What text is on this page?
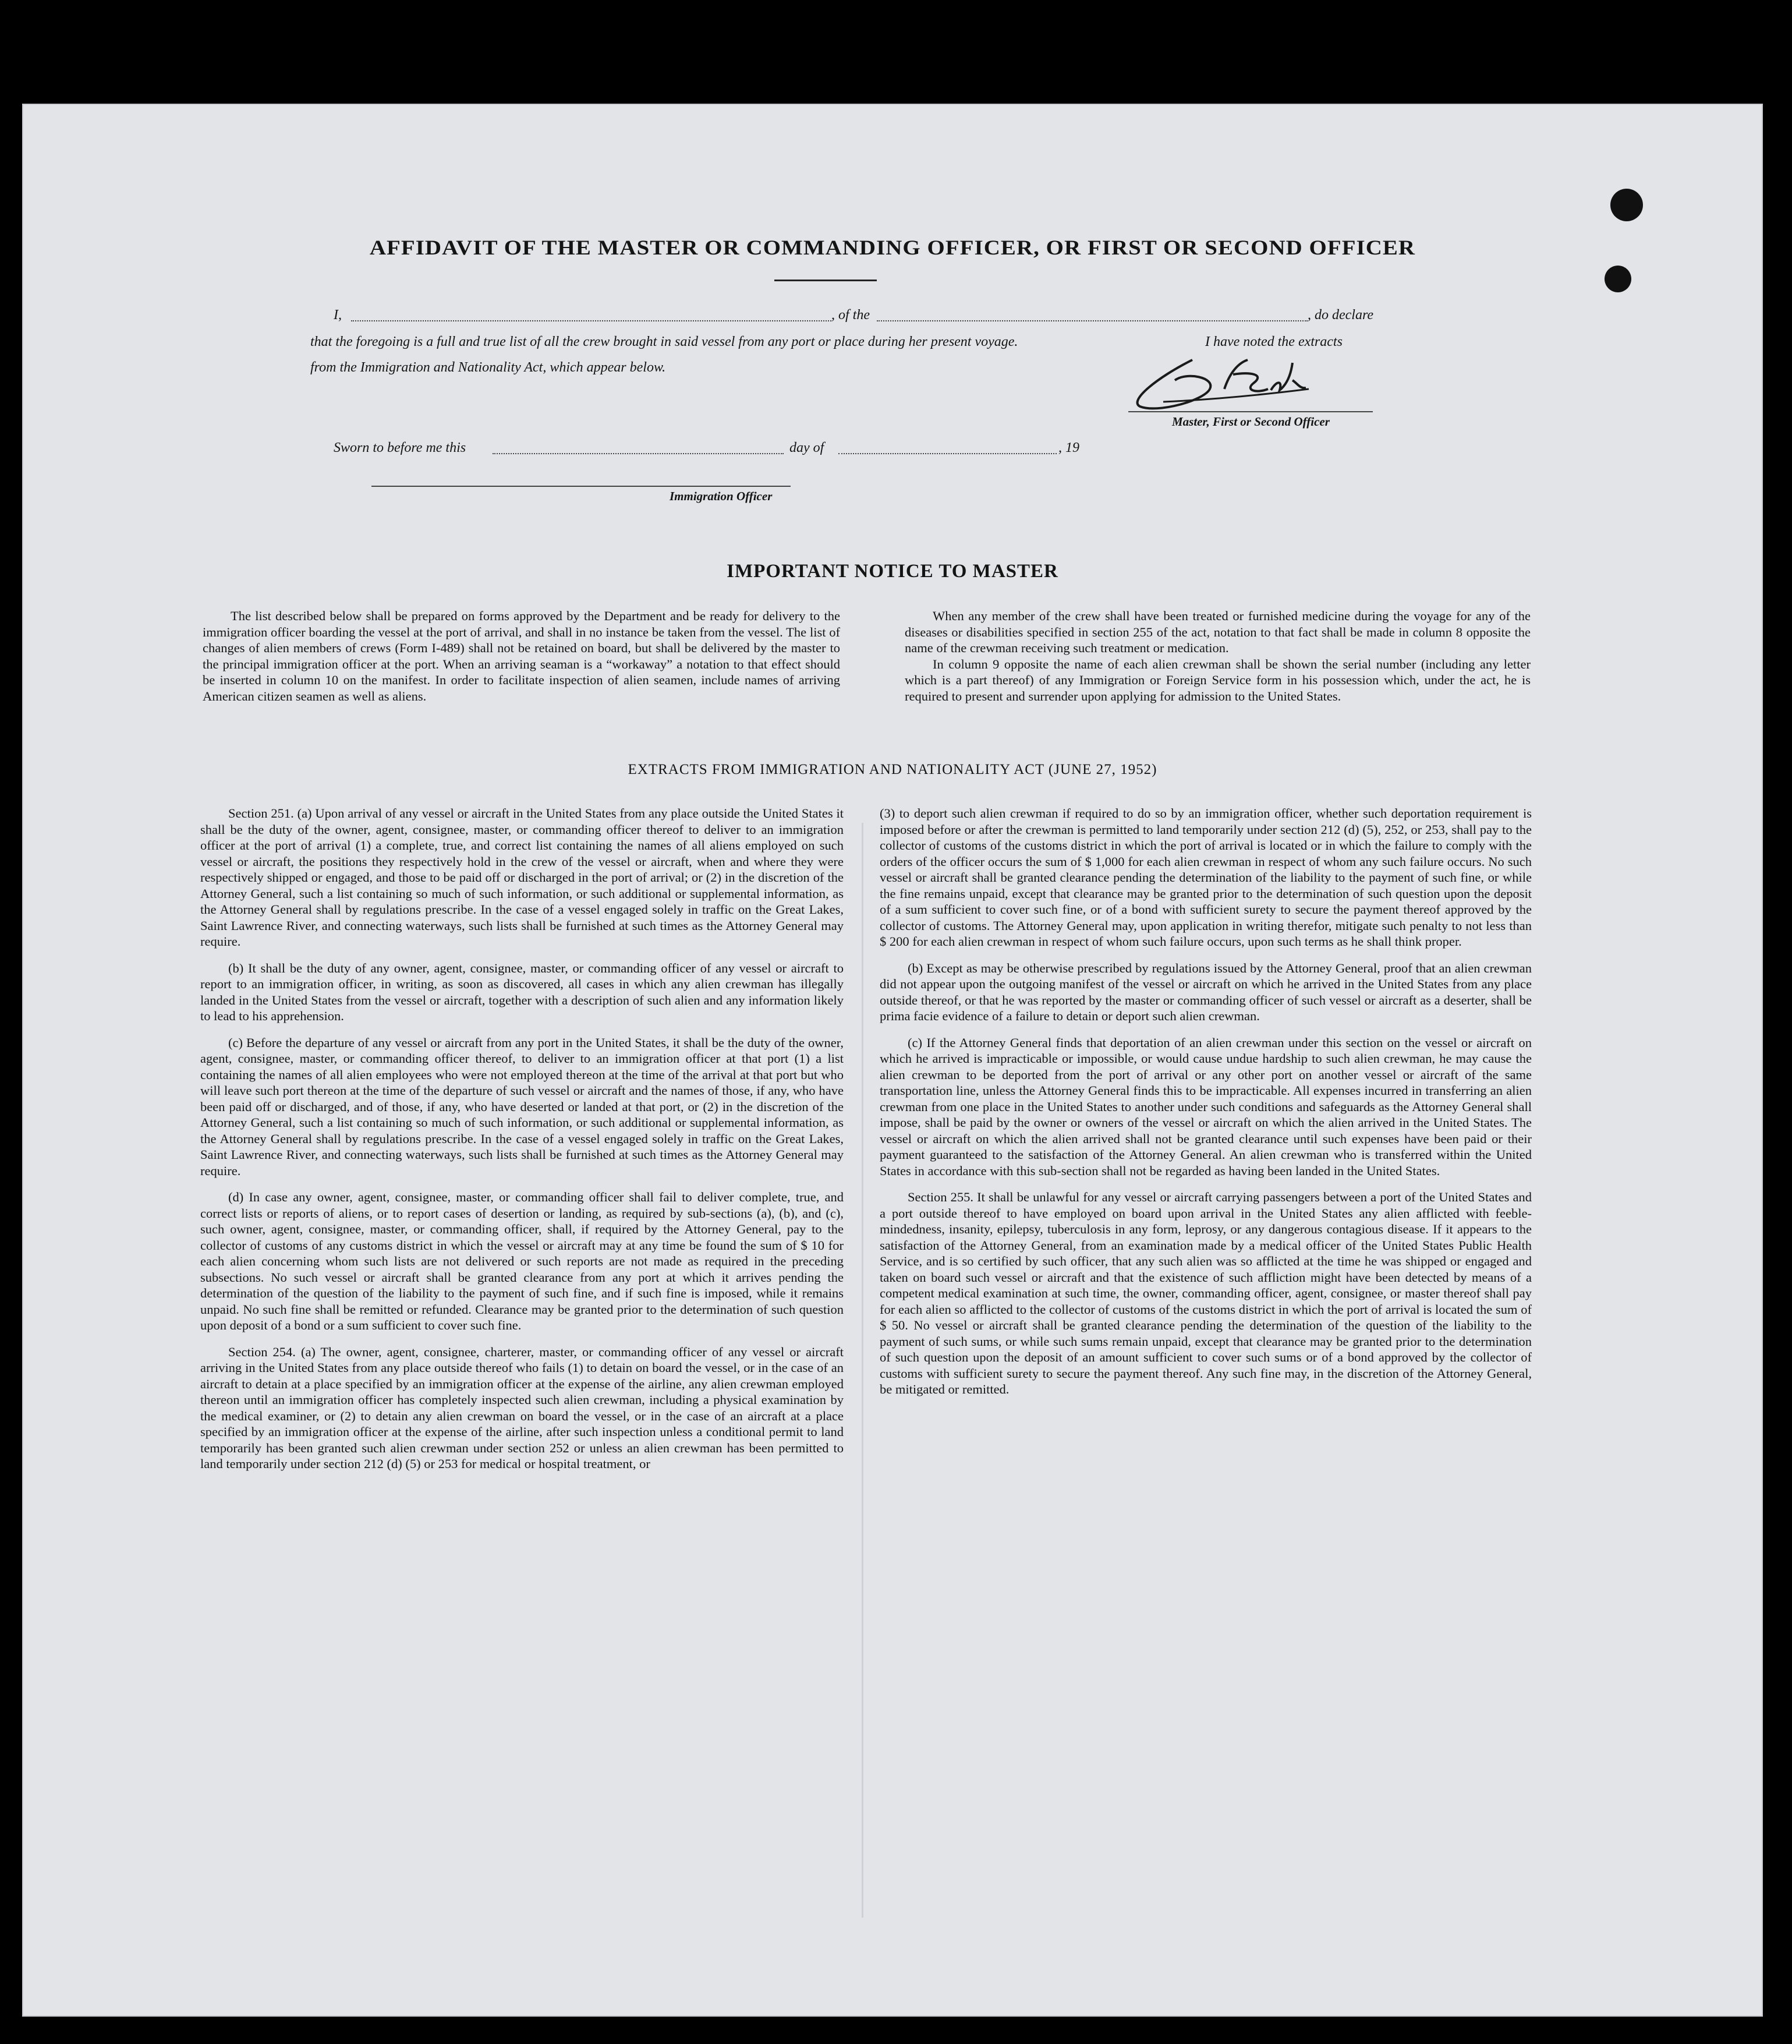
AFFIDAVIT OF THE MASTER OR COMMANDING OFFICER, OR FIRST OR SECOND OFFICER
I,	, of the	, do declare
that the foregoing is a full and true list of all the crew brought in said vessel from any port or place during her present voyage.	I have noted the extracts
from the Immigration and Nationality Act, which appear below.
Master, First or Second Officer
Sworn to before me this	day of	, 19
Immigration Officer
IMPORTANT NOTICE TO MASTER

The list described below shall be prepared on forms approved by the Department and be ready for delivery to the immigration officer boarding the vessel at the port of arrival, and shall in no instance be taken from the vessel. The list of changes of alien members of crews (Form I-489) shall not be retained on board, but shall be delivered by the master to the principal immigration officer at the port. When an arriving seaman is a “workaway” a notation to that effect should be inserted in column 10 on the manifest. In order to facilitate inspection of alien seamen, include names of arriving American citizen seamen as well as aliens.

When any member of the crew shall have been treated or furnished medicine during the voyage for any of the diseases or disabilities specified in section 255 of the act, notation to that fact shall be made in column 8 opposite the name of the crewman receiving such treatment or medication.

In column 9 opposite the name of each alien crewman shall be shown the serial number (including any letter which is a part thereof) of any Immigration or Foreign Service form in his possession which, under the act, he is required to present and surrender upon applying for admission to the United States.

EXTRACTS FROM IMMIGRATION AND NATIONALITY ACT (JUNE 27, 1952)

Section 251. (a) Upon arrival of any vessel or aircraft in the United States from any place outside the United States it shall be the duty of the owner, agent, consignee, master, or commanding officer thereof to deliver to an immigration officer at the port of arrival (1) a complete, true, and correct list containing the names of all aliens employed on such vessel or aircraft, the positions they respectively hold in the crew of the vessel or aircraft, when and where they were respectively shipped or engaged, and those to be paid off or discharged in the port of arrival; or (2) in the discretion of the Attorney General, such a list containing so much of such information, or such additional or supplemental information, as the Attorney General shall by regulations prescribe. In the case of a vessel engaged solely in traffic on the Great Lakes, Saint Lawrence River, and connecting waterways, such lists shall be furnished at such times as the Attorney General may require.

(b) It shall be the duty of any owner, agent, consignee, master, or commanding officer of any vessel or aircraft to report to an immigration officer, in writing, as soon as discovered, all cases in which any alien crewman has illegally landed in the United States from the vessel or aircraft, together with a description of such alien and any information likely to lead to his apprehension.

(c) Before the departure of any vessel or aircraft from any port in the United States, it shall be the duty of the owner, agent, consignee, master, or commanding officer thereof, to deliver to an immigration officer at that port (1) a list containing the names of all alien employees who were not employed thereon at the time of the arrival at that port but who will leave such port thereon at the time of the departure of such vessel or aircraft and the names of those, if any, who have been paid off or discharged, and of those, if any, who have deserted or landed at that port, or (2) in the discretion of the Attorney General, such a list containing so much of such information, or such additional or supplemental information, as the Attorney General shall by regulations prescribe. In the case of a vessel engaged solely in traffic on the Great Lakes, Saint Lawrence River, and connecting waterways, such lists shall be furnished at such times as the Attorney General may require.

(d) In case any owner, agent, consignee, master, or commanding officer shall fail to deliver complete, true, and correct lists or reports of aliens, or to report cases of desertion or landing, as required by sub-sections (a), (b), and (c), such owner, agent, consignee, master, or commanding officer, shall, if required by the Attorney General, pay to the collector of customs of any customs district in which the vessel or aircraft may at any time be found the sum of $ 10 for each alien concerning whom such lists are not delivered or such reports are not made as required in the preceding subsections. No such vessel or aircraft shall be granted clearance from any port at which it arrives pending the determination of the question of the liability to the payment of such fine, and if such fine is imposed, while it remains unpaid. No such fine shall be remitted or refunded. Clearance may be granted prior to the determination of such question upon deposit of a bond or a sum sufficient to cover such fine.

Section 254. (a) The owner, agent, consignee, charterer, master, or commanding officer of any vessel or aircraft arriving in the United States from any place outside thereof who fails (1) to detain on board the vessel, or in the case of an aircraft to detain at a place specified by an immigration officer at the expense of the airline, any alien crewman employed thereon until an immigration officer has completely inspected such alien crewman, including a physical examination by the medical examiner, or (2) to detain any alien crewman on board the vessel, or in the case of an aircraft at a place specified by an immigration officer at the expense of the airline, after such inspection unless a conditional permit to land temporarily has been granted such alien crewman under section 252 or unless an alien crewman has been permitted to land temporarily under section 212 (d) (5) or 253 for medical or hospital treatment, or

(3) to deport such alien crewman if required to do so by an immigration officer, whether such deportation requirement is imposed before or after the crewman is permitted to land temporarily under section 212 (d) (5), 252, or 253, shall pay to the collector of customs of the customs district in which the port of arrival is located or in which the failure to comply with the orders of the officer occurs the sum of $ 1,000 for each alien crewman in respect of whom any such failure occurs. No such vessel or aircraft shall be granted clearance pending the determination of the liability to the payment of such fine, or while the fine remains unpaid, except that clearance may be granted prior to the determination of such question upon the deposit of a sum sufficient to cover such fine, or of a bond with sufficient surety to secure the payment thereof approved by the collector of customs. The Attorney General may, upon application in writing therefor, mitigate such penalty to not less than $ 200 for each alien crewman in respect of whom such failure occurs, upon such terms as he shall think proper.

(b) Except as may be otherwise prescribed by regulations issued by the Attorney General, proof that an alien crewman did not appear upon the outgoing manifest of the vessel or aircraft on which he arrived in the United States from any place outside thereof, or that he was reported by the master or commanding officer of such vessel or aircraft as a deserter, shall be prima facie evidence of a failure to detain or deport such alien crewman.

(c) If the Attorney General finds that deportation of an alien crewman under this section on the vessel or aircraft on which he arrived is impracticable or impossible, or would cause undue hardship to such alien crewman, he may cause the alien crewman to be deported from the port of arrival or any other port on another vessel or aircraft of the same transportation line, unless the Attorney General finds this to be impracticable. All expenses incurred in transferring an alien crewman from one place in the United States to another under such conditions and safeguards as the Attorney General shall impose, shall be paid by the owner or owners of the vessel or aircraft on which the alien arrived in the United States. The vessel or aircraft on which the alien arrived shall not be granted clearance until such expenses have been paid or their payment guaranteed to the satisfaction of the Attorney General. An alien crewman who is transferred within the United States in accordance with this sub-section shall not be regarded as having been landed in the United States.

Section 255. It shall be unlawful for any vessel or aircraft carrying passengers between a port of the United States and a port outside thereof to have employed on board upon arrival in the United States any alien afflicted with feeble-mindedness, insanity, epilepsy, tuberculosis in any form, leprosy, or any dangerous contagious disease. If it appears to the satisfaction of the Attorney General, from an examination made by a medical officer of the United States Public Health Service, and is so certified by such officer, that any such alien was so afflicted at the time he was shipped or engaged and taken on board such vessel or aircraft and that the existence of such affliction might have been detected by means of a competent medical examination at such time, the owner, commanding officer, agent, consignee, or master thereof shall pay for each alien so afflicted to the collector of customs of the customs district in which the port of arrival is located the sum of $ 50. No vessel or aircraft shall be granted clearance pending the determination of the question of the liability to the payment of such sums, or while such sums remain unpaid, except that clearance may be granted prior to the determination of such question upon the deposit of an amount sufficient to cover such sums or of a bond approved by the collector of customs with sufficient surety to secure the payment thereof. Any such fine may, in the discretion of the Attorney General, be mitigated or remitted.
